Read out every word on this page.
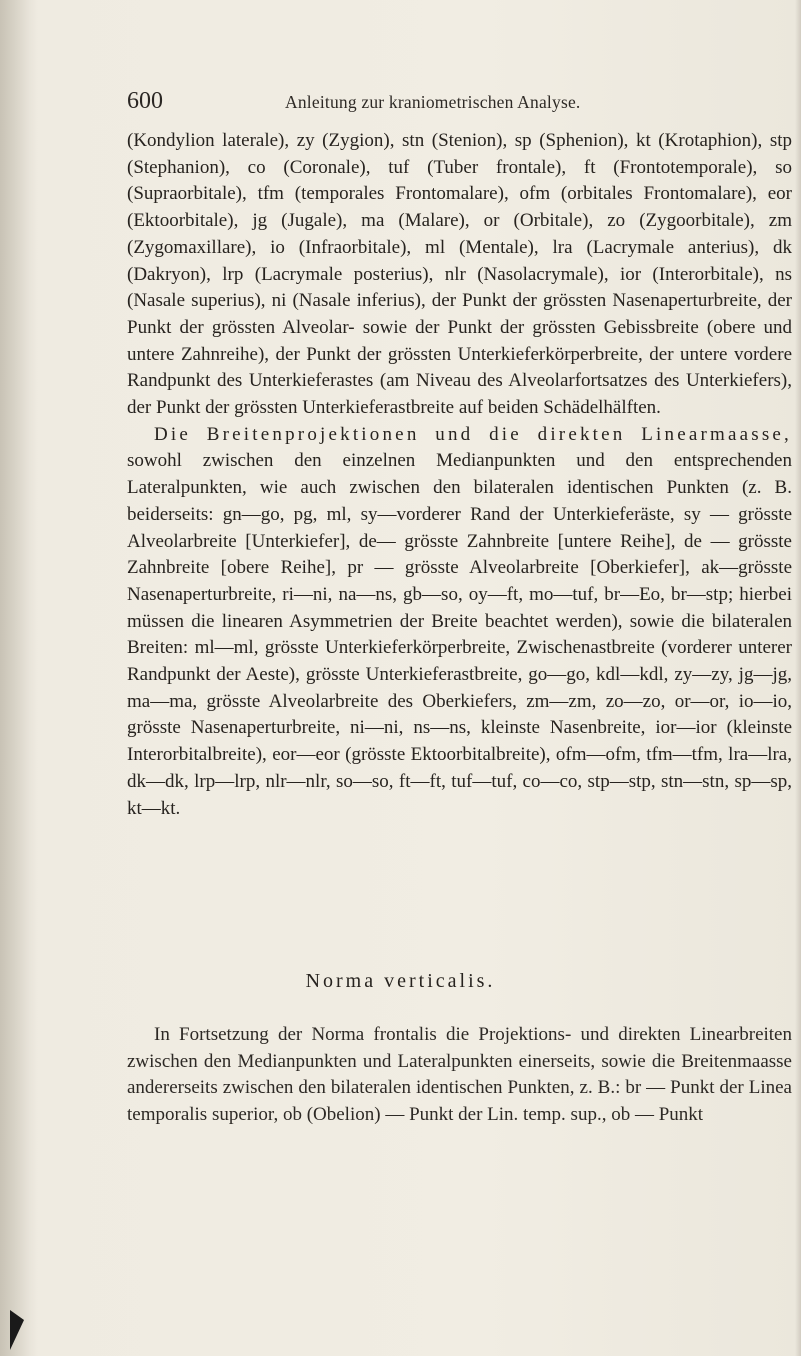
600	Anleitung zur kraniometrischen Analyse.

(Kondylion laterale), zy (Zygion), stn (Stenion), sp (Sphenion), kt (Krotaphion), stp (Stephanion), co (Coronale), tuf (Tuber frontale), ft (Frontotemporale), so (Supraorbitale), tfm (temporales Frontomalare), ofm (orbitales Frontomalare), eor (Ektoorbitale), jg (Jugale), ma (Malare), or (Orbitale), zo (Zygoorbitale), zm (Zygomaxillare), io (Infraorbitale), ml (Mentale), lra (Lacrymale anterius), dk (Dakryon), lrp (Lacrymale posterius), nlr (Nasolacrymale), ior (Interorbitale), ns (Nasale superius), ni (Nasale inferius), der Punkt der grössten Nasenaperturbreite, der Punkt der grössten Alveolar- sowie der Punkt der grössten Gebissbreite (obere und untere Zahnreihe), der Punkt der grössten Unterkieferkörperbreite, der untere vordere Randpunkt des Unterkieferastes (am Niveau des Alveolarfortsatzes des Unterkiefers), der Punkt der grössten Unterkieferastbreite auf beiden Schädelhälften.

Die Breitenprojektionen und die direkten Linearmaasse, sowohl zwischen den einzelnen Medianpunkten und den entsprechenden Lateralpunkten, wie auch zwischen den bilateralen identischen Punkten (z. B. beiderseits: gn—go, pg, ml, sy—vorderer Rand der Unterkieferäste, sy — grösste Alveolarbreite [Unterkiefer], de— grösste Zahnbreite [untere Reihe], de — grösste Zahnbreite [obere Reihe], pr — grösste Alveolarbreite [Oberkiefer], ak—grösste Nasenaperturbreite, ri—ni, na—ns, gb—so, oy—ft, mo—tuf, br—Eo, br—stp; hierbei müssen die linearen Asymmetrien der Breite beachtet werden), sowie die bilateralen Breiten: ml—ml, grösste Unterkieferkörperbreite, Zwischenastbreite (vorderer unterer Randpunkt der Aeste), grösste Unterkieferastbreite, go—go, kdl—kdl, zy—zy, jg—jg, ma—ma, grösste Alveolarbreite des Oberkiefers, zm—zm, zo—zo, or—or, io—io, grösste Nasenaperturbreite, ni—ni, ns—ns, kleinste Nasenbreite, ior—ior (kleinste Interorbitalbreite), eor—eor (grösste Ektoorbitalbreite), ofm—ofm, tfm—tfm, lra—lra, dk—dk, lrp—lrp, nlr—nlr, so—so, ft—ft, tuf—tuf, co—co, stp—stp, stn—stn, sp—sp, kt—kt.

Norma verticalis.
In Fortsetzung der Norma frontalis die Projektions- und direkten Linearbreiten zwischen den Medianpunkten und Lateralpunkten einerseits, sowie die Breitenmaasse andererseits zwischen den bilateralen identischen Punkten, z. B.: br — Punkt der Linea temporalis superior, ob (Obelion) — Punkt der Lin. temp. sup., ob — Punkt
